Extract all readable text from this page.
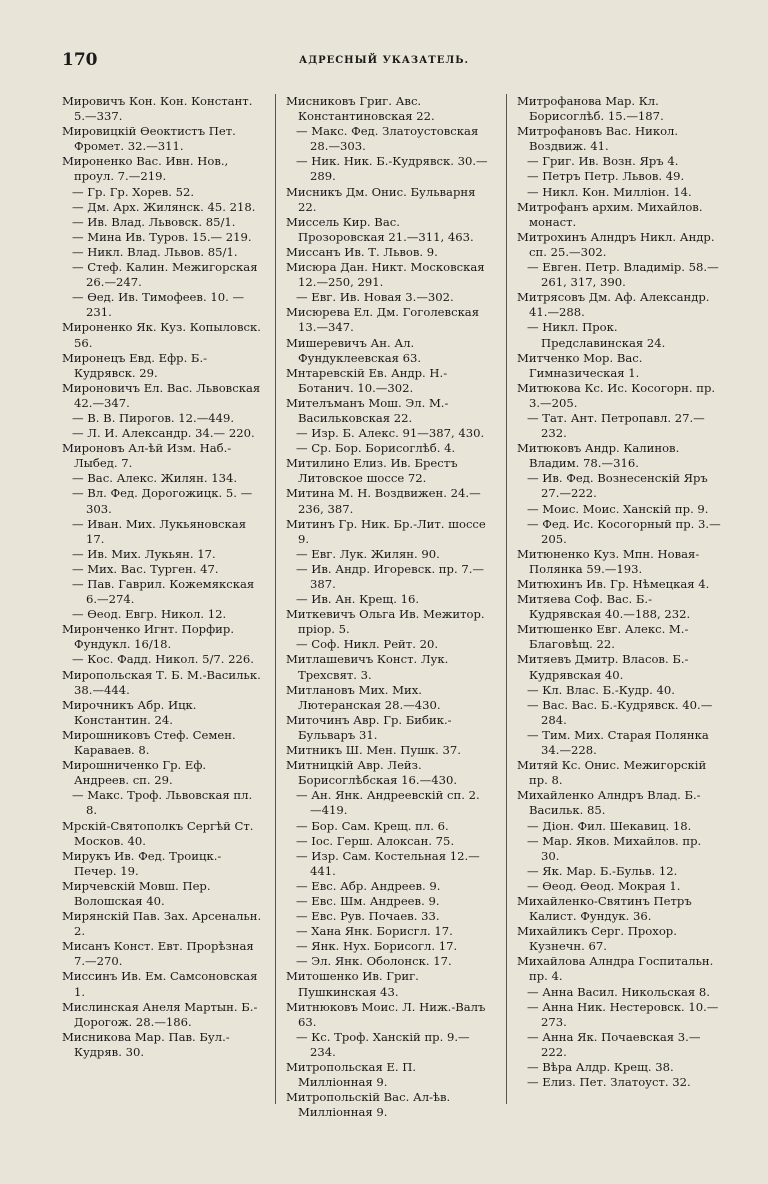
170	АДРЕСНЫЙ УКАЗАТЕЛЬ.
Мировичъ Кон. Кон. Констант. 5.—337.
Мировицкій Ѳеоктистъ Пет. Фромет. 32.—311.
Мироненко Вас. Ивн. Нов., проул. 7.—219.
— Гр. Гр. Хорев. 52.
— Дм. Арх. Жилянск. 45. 218.
— Ив. Влад. Львовск. 85/1.
— Мина Ив. Туров. 15.— 219.
— Никл. Влад. Львов. 85/1.
— Стеф. Калин. Межигорская 26.—247.
— Ѳед. Ив. Тимофеев. 10. —231.
Мироненко Як. Куз. Копыловск. 56.
Миронецъ Евд. Ефр. Б.-Кудрявск. 29.
Мироновичъ Ел. Вас. Львовская 42.—347.
— В. В. Пирогов. 12.—449.
— Л. И. Александр. 34.— 220.
Мироновъ Ал-ѣй Изм. Наб.-Лыбед. 7.
— Вас. Алекс. Жилян. 134.
— Вл. Фед. Дорогожицк. 5. —303.
— Иван. Мих. Лукьяновская 17.
— Ив. Мих. Лукьян. 17.
— Мих. Вас. Турген. 47.
— Пав. Гаврил. Кожемякская 6.—274.
— Ѳеод. Евгр. Никол. 12.
Миронченко Игнт. Порфир. Фундукл. 16/18.
— Кос. Фадд. Никол. 5/7. 226.
Миропольская Т. Б. М.-Васильк. 38.—444.
Мирочникъ Абр. Ицк. Константин. 24.
Мирошниковъ Стеф. Семен. Караваев. 8.
Мирошниченко Гр. Еф. Андреев. сп. 29.
— Макс. Троф. Львовская пл. 8.
Мрскій-Святополкъ Сергѣй Ст. Москов. 40.
Мирукъ Ив. Фед. Троицк.-Печер. 19.
Мирчевскій Мовш. Пер. Волошская 40.
Мирянскій Пав. Зах. Арсенальн. 2.
Мисанъ Конст. Евт. Прорѣзная 7.—270.
Миссинъ Ив. Ем. Самсоновская 1.
Мислинская Анеля Мартын. Б.-Дорогож. 28.—186.
Мисникова Мар. Пав. Бул.-Кудряв. 30.
Мисниковъ Григ. Авс. Константиновская 22.
— Макс. Фед. Златоустовская 28.—303.
— Ник. Ник. Б.-Кудрявск. 30.—289.
Мисникъ Дм. Онис. Бульварня 22.
Миссель Кир. Вас. Прозоровская 21.—311, 463.
Миссанъ Ив. Т. Львов. 9.
Мисюра Дан. Никт. Московская 12.—250, 291.
— Евг. Ив. Новая 3.—302.
Мисюрева Ел. Дм. Гоголевская 13.—347.
Мишеревичъ Ан. Ал. Фундуклеевская 63.
Мнтаревскій Ев. Андр. Н.-Ботанич. 10.—302.
Мителъманъ Мош. Эл. М.-Васильковская 22.
— Изр. Б. Алекс. 91—387, 430.
— Ср. Бор. Борисоглѣб. 4.
Митилино Елиз. Ив. Брестъ Литовское шоссе 72.
Митина М. Н. Воздвижен. 24.—236, 387.
Митинъ Гр. Ник. Бр.-Лит. шоссе 9.
— Евг. Лук. Жилян. 90.
— Ив. Андр. Игоревск. пр. 7.—387.
— Ив. Ан. Крещ. 16.
Миткевичъ Ольга Ив. Межитор. пріор. 5.
— Соф. Никл. Рейт. 20.
Митлашевичъ Конст. Лук. Трехсвят. 3.
Митлановъ Мих. Мих. Лютеранская 28.—430.
Миточинъ Авр. Гр. Бибик.-Бульваръ 31.
Митникъ Ш. Мен. Пушк. 37.
Митницкій Авр. Лейз. Борисоглѣбская 16.—430.
— Ан. Янк. Андреевскій сп. 2.—419.
— Бор. Сам. Крещ. пл. 6.
— Іос. Герш. Алоксан. 75.
— Изр. Сам. Костельная 12.—441.
— Евс. Абр. Андреев. 9.
— Евс. Шм. Андреев. 9.
— Евс. Рув. Почаев. 33.
— Хана Янк. Борисгл. 17.
— Янк. Нух. Борисогл. 17.
— Эл. Янк. Оболонск. 17.
Митошенко Ив. Григ. Пушкинская 43.
Митнюковъ Моис. Л. Ниж.-Валъ 63.
— Кс. Троф. Ханскій пр. 9.—234.
Митропольская Е. П. Милліонная 9.
Митропольскій Вас. Ал-ѣв. Милліонная 9.
Митрофанова Мар. Кл. Борисоглѣб. 15.—187.
Митрофановъ Вас. Никол. Воздвиж. 41.
— Григ. Ив. Возн. Яръ 4.
— Петръ Петр. Львов. 49.
— Никл. Кон. Милліон. 14.
Митрофанъ архим. Михайлов. монаст.
Митрохинъ Алндръ Никл. Андр. сп. 25.—302.
— Евген. Петр. Владимір. 58.—261, 317, 390.
Митрясовъ Дм. Аф. Александр. 41.—288.
— Никл. Прок. Предславинская 24.
Митченко Мор. Вас. Гимназическая 1.
Митюкова Кс. Ис. Косогорн. пр. 3.—205.
— Тат. Ант. Петропавл. 27.—232.
Митюковъ Андр. Калинов. Владим. 78.—316.
— Ив. Фед. Вознесенскій Яръ 27.—222.
— Моис. Моис. Ханскій пр. 9.
— Фед. Ис. Косогорный пр. 3.—205.
Митюненко Куз. Мпн. Новая-Полянка 59.—193.
Митюхинъ Ив. Гр. Нѣмецкая 4.
Митяева Соф. Вас. Б.-Кудрявская 40.—188, 232.
Митюшенко Евг. Алекс. М.-Благовѣщ. 22.
Митяевъ Дмитр. Власов. Б.-Кудрявская 40.
— Кл. Влас. Б.-Кудр. 40.
— Вас. Вас. Б.-Кудрявск. 40.—284.
— Тим. Мих. Старая Полянка 34.—228.
Митяй Кс. Онис. Межигорскій пр. 8.
Михайленко Алндръ Влад. Б.-Васильк. 85.
— Діон. Фил. Шекавиц. 18.
— Мар. Яков. Михайлов. пр. 30.
— Як. Мар. Б.-Бульв. 12.
— Ѳеод. Ѳеод. Мокрая 1.
Михайленко-Святинъ Петръ Калист. Фундук. 36.
Михайликъ Серг. Прохор. Кузнечн. 67.
Михайлова Алндра Госпитальн. пр. 4.
— Анна Васил. Никольская 8.
— Анна Ник. Нестеровск. 10.—273.
— Анна Як. Почаевская 3.—222.
— Вѣра Алдр. Крещ. 38.
— Елиз. Пет. Златоуст. 32.
